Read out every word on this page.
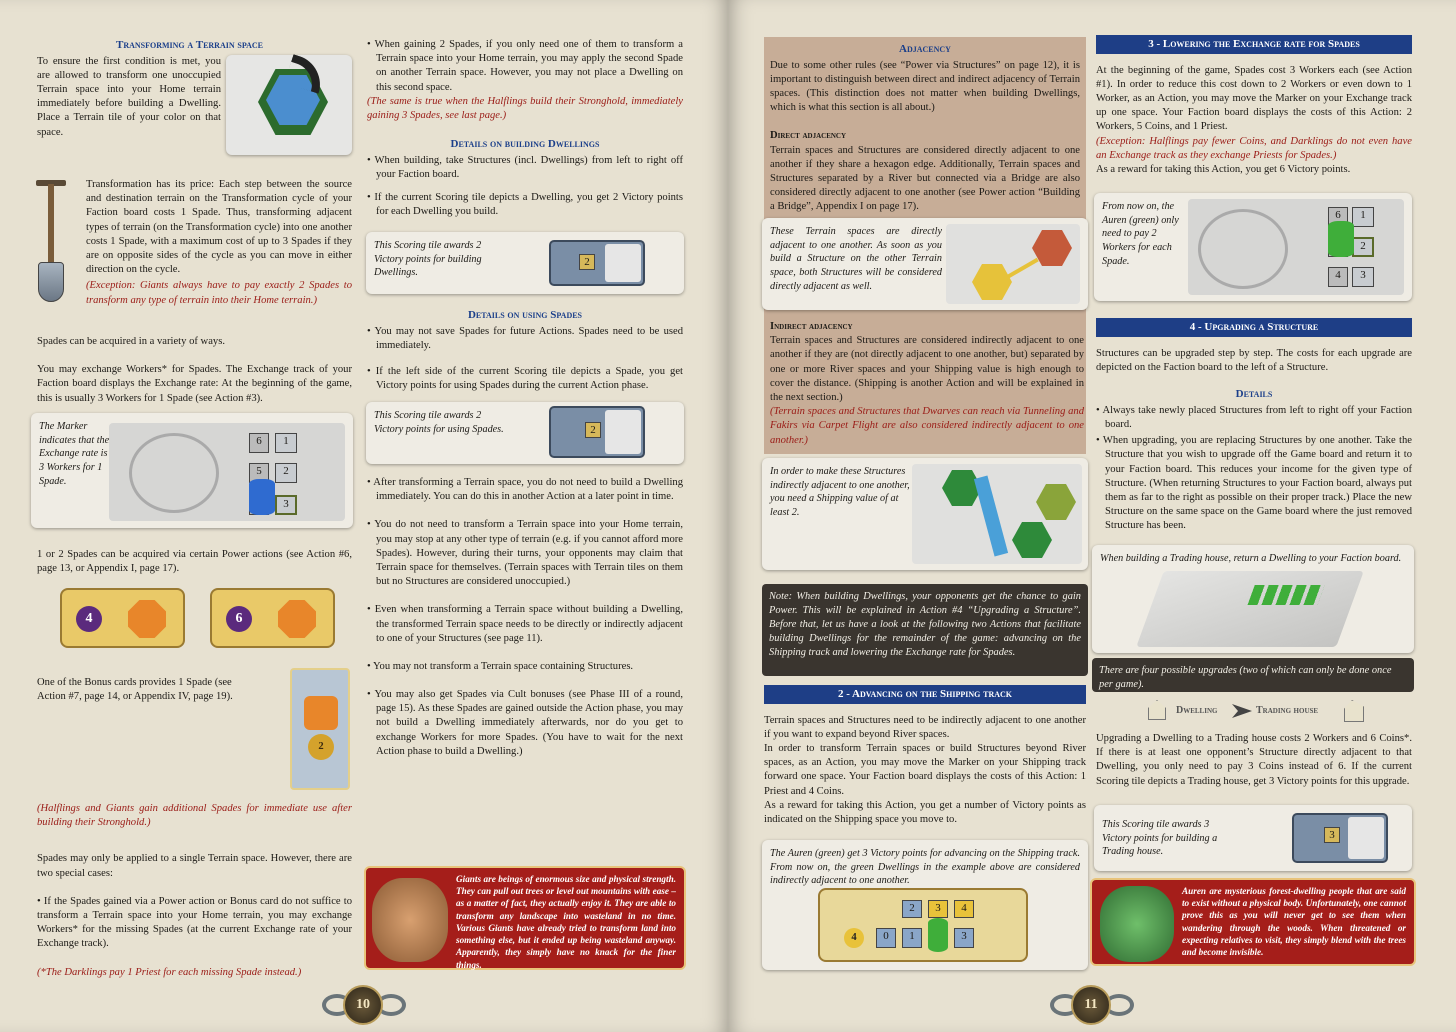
Transforming a Terrain space
To ensure the first condition is met, you are allowed to transform one unoccupied Terrain space into your Home terrain immediately before building a Dwelling. Place a Terrain tile of your color on that space.
Transformation has its price: Each step between the source and destination terrain on the Transformation cycle of your Faction board costs 1 Spade. Thus, transforming adjacent types of terrain (on the Transformation cycle) into one another costs 1 Spade, with a maximum cost of up to 3 Spades if they are on opposite sides of the cycle as you can move in either direction on the cycle.
(Exception: Giants always have to pay exactly 2 Spades to transform any type of terrain into their Home terrain.)
Spades can be acquired in a variety of ways.
You may exchange Workers* for Spades. The Exchange track of your Faction board displays the Exchange rate: At the beginning of the game, this is usually 3 Workers for 1 Spade (see Action #3).
The Marker indicates that the Exchange rate is 3 Workers for 1 Spade.
1
2
3
6
5
1 or 2 Spades can be acquired via certain Power actions (see Action #6, page 13, or Appendix I, page 17).
4	6
One of the Bonus cards provides 1 Spade (see Action #7, page 14, or Appendix IV, page 19).
2
(Halflings and Giants gain additional Spades for immediate use after building their Stronghold.)
Spades may only be applied to a single Terrain space. However, there are two special cases:
• If the Spades gained via a Power action or Bonus card do not suffice to transform a Terrain space into your Home terrain, you may exchange Workers* for the missing Spades (at the current Exchange rate of your Exchange track).
(*The Darklings pay 1 Priest for each missing Spade instead.)
• When gaining 2 Spades, if you only need one of them to transform a Terrain space into your Home terrain, you may apply the second Spade on another Terrain space. However, you may not place a Dwelling on this second space.
(The same is true when the Halflings build their Stronghold, immediately gaining 3 Spades, see last page.)
Details on building Dwellings
• When building, take Structures (incl. Dwellings) from left to right off your Faction board.
• If the current Scoring tile depicts a Dwelling, you get 2 Victory points for each Dwelling you build.
This Scoring tile awards 2 Victory points for building Dwellings.
2
Details on using Spades
• You may not save Spades for future Actions. Spades need to be used immediately.
• If the left side of the current Scoring tile depicts a Spade, you get Victory points for using Spades during the current Action phase.
This Scoring tile awards 2 Victory points for using Spades.	2
• After transforming a Terrain space, you do not need to build a Dwelling immediately. You can do this in another Action at a later point in time.
• You do not need to transform a Terrain space into your Home terrain, you may stop at any other type of terrain (e.g. if you cannot afford more Spades). However, during their turns, your opponents may claim that Terrain space for themselves. (Terrain spaces with Terrain tiles on them but no Structures are considered unoccupied.)
• Even when transforming a Terrain space without building a Dwelling, the transformed Terrain space needs to be directly or indirectly adjacent to one of your Structures (see page 11).
• You may not transform a Terrain space containing Structures.
• You may also get Spades via Cult bonuses (see Phase III of a round, page 15). As these Spades are gained outside the Action phase, you may not build a Dwelling immediately afterwards, nor do you get to exchange Workers for more Spades. (You have to wait for the next Action phase to build a Dwelling.)
Giants are beings of enormous size and physical strength. They can pull out trees or level out mountains with ease – as a matter of fact, they actually enjoy it. They are able to transform any landscape into wasteland in no time. Various Giants have already tried to transform land into something else, but it ended up being wasteland anyway. Apparently, they simply have no knack for the finer things.
10
Adjacency
Due to some other rules (see “Power via Structures” on page 12), it is important to distinguish between direct and indirect adjacency of Terrain spaces. (This distinction does not matter when building Dwellings, which is what this section is all about.)
Direct adjacency
Terrain spaces and Structures are considered directly adjacent to one another if they share a hexagon edge. Additionally, Terrain spaces and Structures separated by a River but connected via a Bridge are also considered directly adjacent to one another (see Power action “Building a Bridge”, Appendix I on page 17).
These Terrain spaces are directly adjacent to one another. As soon as you build a Structure on the other Terrain space, both Structures will be considered directly adjacent as well.
Indirect adjacency
Terrain spaces and Structures are considered indirectly adjacent to one another if they are (not directly adjacent to one another, but) separated by one or more River spaces and your Shipping value is high enough to cover the distance. (Shipping is another Action and will be explained in the next section.)
(Terrain spaces and Structures that Dwarves can reach via Tunneling and Fakirs via Carpet Flight are also considered indirectly adjacent to one another.)
In order to make these Structures indirectly adjacent to one another, you need a Shipping value of at least 2.
Note: When building Dwellings, your opponents get the chance to gain Power. This will be explained in Action #4 “Upgrading a Structure”. Before that, let us have a look at the following two Actions that facilitate building Dwellings for the remainder of the game: advancing on the Shipping track and lowering the Exchange rate for Spades.
2 - Advancing on the Shipping track
Terrain spaces and Structures need to be indirectly adjacent to one another if you want to expand beyond River spaces.
In order to transform Terrain spaces or build Structures beyond River spaces, as an Action, you may move the Marker on your Shipping track forward one space. Your Faction board displays the costs of this Action: 1 Priest and 4 Coins.
As a reward for taking this Action, you get a number of Victory points as indicated on the Shipping space you move to.
The Auren (green) get 3 Victory points for advancing on the Shipping track. From now on, the green Dwellings in the example above are considered indirectly adjacent to one another.
2	3	4
4	0	1	3
3 - Lowering the Exchange rate for Spades
At the beginning of the game, Spades cost 3 Workers each (see Action #1). In order to reduce this cost down to 2 Workers or even down to 1 Worker, as an Action, you may move the Marker on your Exchange track up one space. Your Faction board displays the costs of this Action: 2 Workers, 5 Coins, and 1 Priest.
(Exception: Halflings pay fewer Coins, and Darklings do not even have an Exchange track as they exchange Priests for Spades.)
As a reward for taking this Action, you get 6 Victory points.
From now on, the Auren (green) only need to pay 2 Workers for each Spade.
6
4
1
2
3
4 - Upgrading a Structure
Structures can be upgraded step by step. The costs for each upgrade are depicted on the Faction board to the left of a Structure.
Details
• Always take newly placed Structures from left to right off your Faction board.
• When upgrading, you are replacing Structures by one another. Take the Structure that you wish to upgrade off the Game board and return it to your Faction board. This reduces your income for the given type of Structure. (When returning Structures to your Faction board, always put them as far to the right as possible on their proper track.) Place the new Structure on the same space on the Game board where the just removed Structure has been.
When building a Trading house, return a Dwelling to your Faction board.
There are four possible upgrades (two of which can only be done once per game).
Dwelling	Trading house
Upgrading a Dwelling to a Trading house costs 2 Workers and 6 Coins*. If there is at least one opponent’s Structure directly adjacent to that Dwelling, you only need to pay 3 Coins instead of 6. If the current Scoring tile depicts a Trading house, get 3 Victory points for this upgrade.
This Scoring tile awards 3 Victory points for building a Trading house.
3
Auren are mysterious forest-dwelling people that are said to exist without a physical body. Unfortunately, one cannot prove this as you will never get to see them when wandering through the woods. When threatened or expecting relatives to visit, they simply blend with the trees and become invisible.
11
